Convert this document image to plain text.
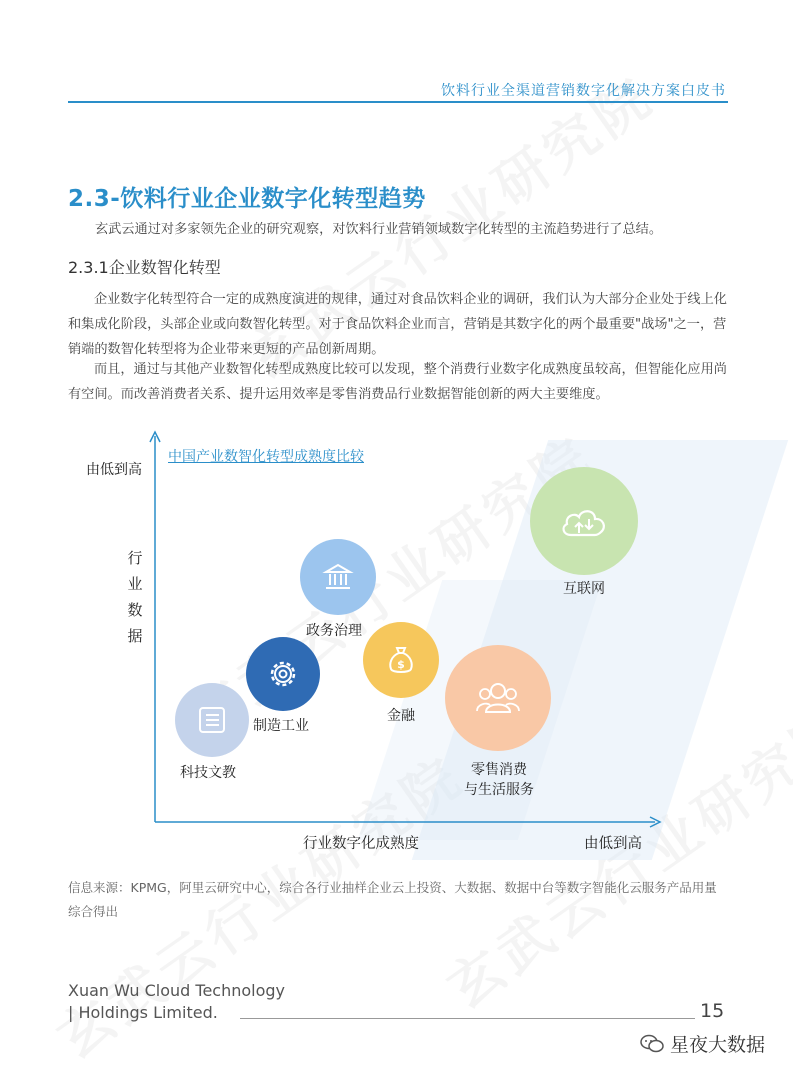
饮料行业全渠道营销数字化解决方案白皮书
2.3-饮料行业企业数字化转型趋势
玄武云通过对多家领先企业的研究观察，对饮料行业营销领域数字化转型的主流趋势进行了总结。
2.3.1企业数智化转型
企业数字化转型符合一定的成熟度演进的规律，通过对食品饮料企业的调研，我们认为大部分企业处于线上化和集成化阶段，头部企业或向数智化转型。对于食品饮料企业而言，营销是其数字化的两个最重要"战场"之一，营销端的数智化转型将为企业带来更短的产品创新周期。
而且，通过与其他产业数智化转型成熟度比较可以发现，整个消费行业数字化成熟度虽较高，但智能化应用尚有空间。而改善消费者关系、提升运用效率是零售消费品行业数据智能创新的两大主要维度。
中国产业数智化转型成熟度比较
由低到高
行
业
数
据
行业数字化成熟度	由低到高
科技文教
制造工业
政务治理
$
金融
零售消费
与生活服务
互联网
信息来源：KPMG，阿里云研究中心，综合各行业抽样企业云上投资、大数据、数据中台等数字智能化云服务产品用量综合得出
Xuan Wu Cloud Technology
| Holdings Limited.	15
星夜大数据
